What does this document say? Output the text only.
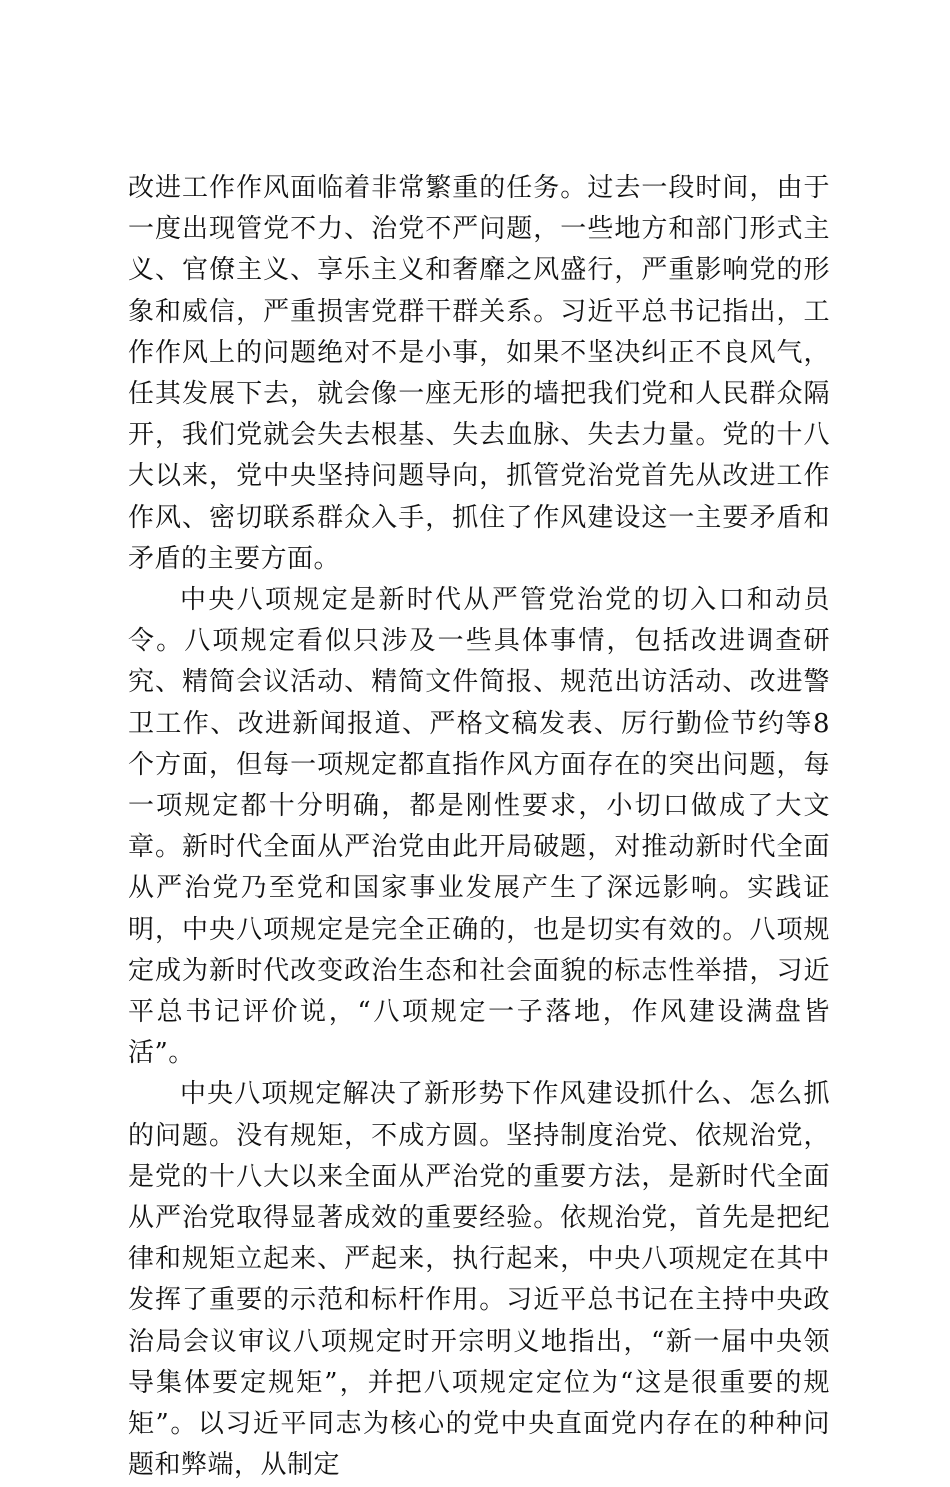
改进工作作风面临着非常繁重的任务。过去一段时间，由于一度出现管党不力、治党不严问题，一些地方和部门形式主义、官僚主义、享乐主义和奢靡之风盛行，严重影响党的形象和威信，严重损害党群干群关系。习近平总书记指出，工作作风上的问题绝对不是小事，如果不坚决纠正不良风气，任其发展下去，就会像一座无形的墙把我们党和人民群众隔开，我们党就会失去根基、失去血脉、失去力量。党的十八大以来，党中央坚持问题导向，抓管党治党首先从改进工作作风、密切联系群众入手，抓住了作风建设这一主要矛盾和矛盾的主要方面。

中央八项规定是新时代从严管党治党的切入口和动员令。八项规定看似只涉及一些具体事情，包括改进调查研究、精简会议活动、精简文件简报、规范出访活动、改进警卫工作、改进新闻报道、严格文稿发表、厉行勤俭节约等8个方面，但每一项规定都直指作风方面存在的突出问题，每一项规定都十分明确，都是刚性要求，小切口做成了大文章。新时代全面从严治党由此开局破题，对推动新时代全面从严治党乃至党和国家事业发展产生了深远影响。实践证明，中央八项规定是完全正确的，也是切实有效的。八项规定成为新时代改变政治生态和社会面貌的标志性举措，习近平总书记评价说，“八项规定一子落地，作风建设满盘皆活”。

中央八项规定解决了新形势下作风建设抓什么、怎么抓的问题。没有规矩，不成方圆。坚持制度治党、依规治党，是党的十八大以来全面从严治党的重要方法，是新时代全面从严治党取得显著成效的重要经验。依规治党，首先是把纪律和规矩立起来、严起来，执行起来，中央八项规定在其中发挥了重要的示范和标杆作用。习近平总书记在主持中央政治局会议审议八项规定时开宗明义地指出，“新一届中央领导集体要定规矩”，并把八项规定定位为“这是很重要的规矩”。以习近平同志为核心的党中央直面党内存在的种种问题和弊端，从制定
